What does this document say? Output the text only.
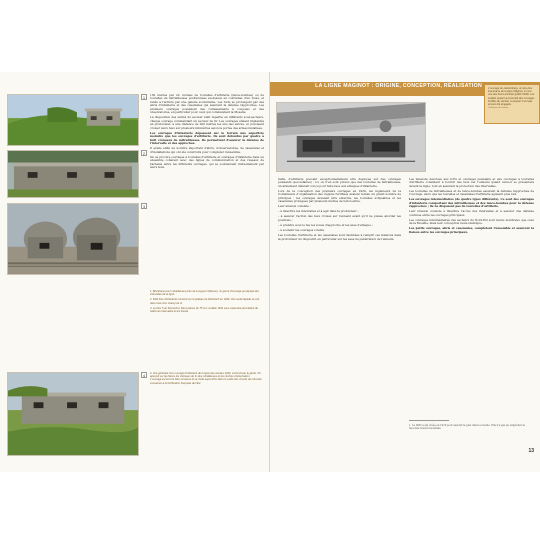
1
2
3
4

150 mètres par 22, munies de tourelles d'artillerie (lance-bombes) ou de tourelles de mitrailleuses positionnées au-dessus en contrebas d'un fossé, et reliés à l'arrière par une galerie souterraine. Les forts se prolongent par des abris d'infanterie et des casemates qui assurent la défense rapprochée. Les premiers ouvrages possèdent des cuirassements à coupoles et des observatoires, en particulier pour ceux qui commandent la Moselle.

La disposition des unités du secteur était répartie en différents sous-secteurs, chaque ouvrage commandant un secteur de tir. Les ouvrages étaient implantés en profondeur, à une distance de 200 mètres les uns des autres, et pouvaient croiser leurs feux sur plusieurs kilomètres selon la portée des armes installées.

Les ouvrages d'infanterie dépassent sur le terrain une superficie moindre que les ouvrages d'artillerie. Ils sont défendus par quatre à huit créneaux de mitrailleuses. Ils permettent d'assurer la défense de l'intervalle et des approches.

Il existe enfin un nombre important d'abris, d'observatoires, de casemates et d'installations qui ont été construits pour compléter l'ensemble.

On se procure ouvrages à tourelles d'artillerie et ouvrages d'infanterie dans un ensemble cohérent avec des lignes de communication et des réseaux de barbelés entre les différents ouvrages, qui se soutiennent mutuellement par leurs feux.

1. Blockhaus pour mitrailleuses près de Longuyon (Meuse), un genre d'ouvrage qui équipe des intervalles de la ligne.

2. Petit bloc d'infanterie construit sur la plateau de Rohrbach en 1930. Une seule façade se voit dans l'axe d'un champ de tir.

3. Le bloc 5 du Simserhof. Deux pièces de 75 mm modèle 1932 sous casemate permettent de battre les intervalles et les fossés.

4. Vue générale d'un ouvrage d'infanterie de la ligne des années 1930, construit par le génie. On aperçoit sur les flancs les créneaux de tir des mitrailleuses et les cloches d'observation. L'ouvrage est encore bien conservé et se visite aujourd'hui dans le cadre des circuits de mémoire consacrés à la fortification française de l'Est.

LA LIGNE MAGINOT : ORIGINE, CONCEPTION, RÉALISATION L'ouvrage du Hackenberg, un des plus importants de la ligne Maginot, ici une vue des blocs d'entrée (juillet 1939). Les soldats posent à proximité des ouvrages fortifiés du secteur, la plupart n'ont pas encore été engagés.
Collection de l'auteur

taille, d'artillerie pouvant exceptionnellement être déployée sur des ouvrages puissants (secondaires) : ici, on n'en sont prévus que des tourelles de mitrailleuses, un armement défensif conçu pour faire face aux attaques d'infanterie.

Lors de la conception des premiers ouvrages en 1929, les ingénieurs de la Commission d'organisation des régions fortifiées avaient retenu un grand nombre de principes : les ouvrages devaient être enterrés, les tourelles éclipsables et les casemates protégées par plusieurs mètres de béton armé.

Leur mission consiste :

– à interdire les intervalles et à agir dans la profondeur ;

– à assurer l'action des feux croisés sur l'ennemi avant qu'il ne puisse aborder les positions ;

– à prendre sous le feu les zones d'approche et les axes d'attaque ;

– à soutenir les ouvrages voisins.

Les tourelles d'artillerie et les casemates sont destinées à remplir ces missions dans la profondeur du dispositif, en particulier sur les axes de pénétration de l'ennemi.

Les missions dévolues aux forts et ouvrages puissants et aux ouvrages à tourelles d'artillerie consistent à fournir des feux sur l'ennemi quand celui-ci se présentera devant la ligne, tout en assurant la protection des intervalles.

Les tourelles de mitrailleuses et de lance-bombes assurent la défense rapprochée de l'ouvrage, alors que les tourelles et casemates d'artillerie agissent plus loin.

Les ouvrages intermédiaires (de quatre types différents). Ce sont des ouvrages d'infanterie comportant des mitrailleuses et des lance-bombes pour la défense rapprochée ; ils ne disposent pas de tourelles d'artillerie.

Leur mission consiste à interdire l'accès des intervalles et à assurer une défense continue entre les ouvrages principaux.

Les ouvrages intermédiaires des secteurs du Nord-Est sont moins nombreux que ceux de la Moselle, mais leur conception reste identique.

Les petits ouvrages, abris et casemates, complètent l'ensemble et assurent la liaison entre les ouvrages principaux.

1. La SDN a été créée en 1919 pour assurer la paix dans le monde. Elle n'a pas pu empêcher la Seconde Guerre mondiale.
13
